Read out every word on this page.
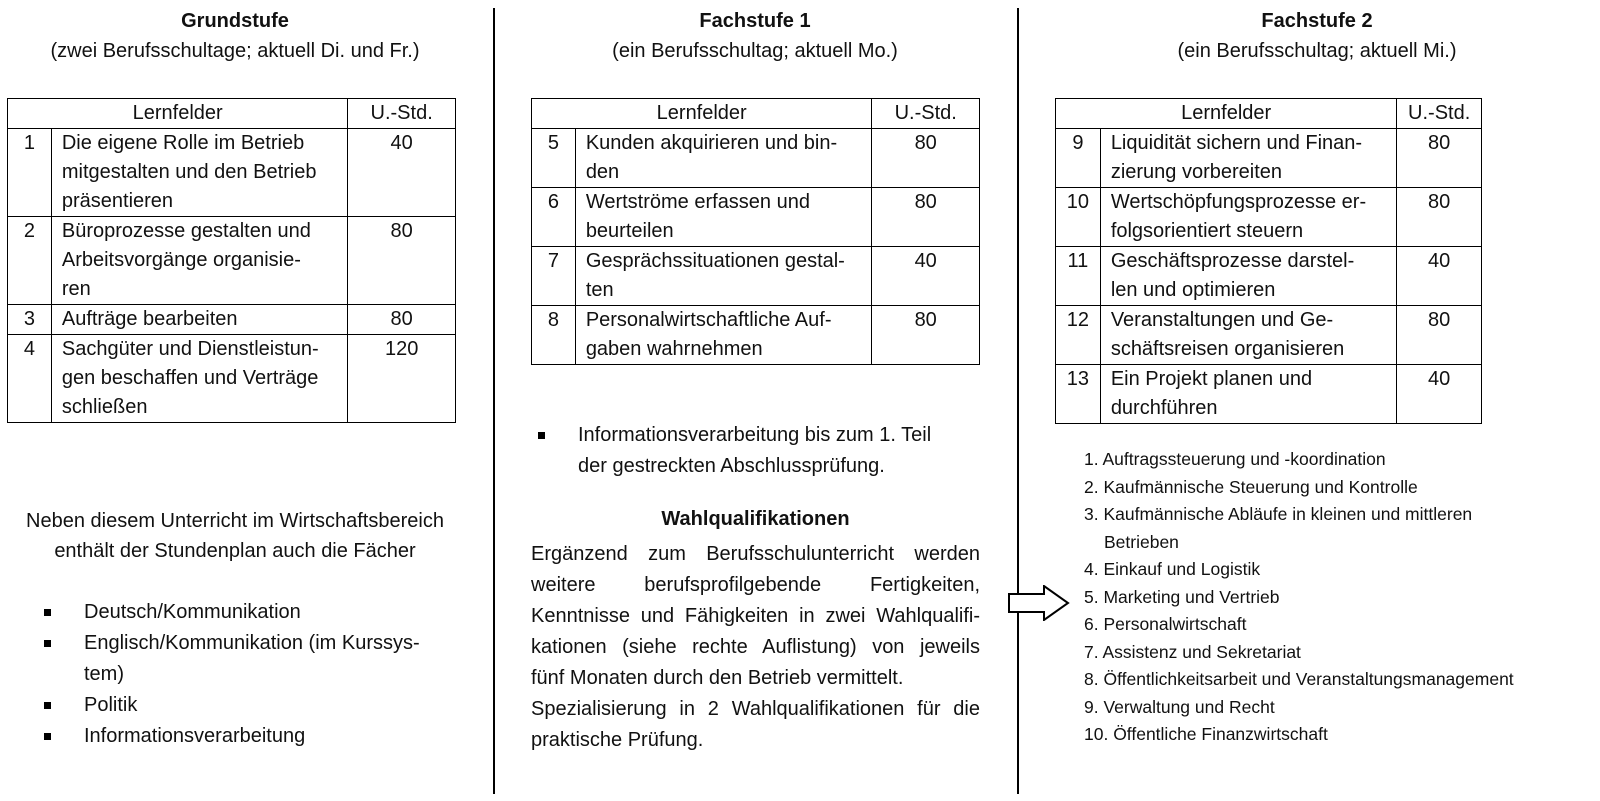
Grundstufe
(zwei Berufsschultage; aktuell Di. und Fr.)
Lernfelder		U.-Std.
1	Die eigene Rolle im Betrieb
mitgestalten und den Betrieb
präsentieren	40
2	Büroprozesse gestalten und
Arbeitsvorgänge organisie-
ren	80
3	Aufträge bearbeiten	80
4	Sachgüter und Dienstleistun-
gen beschaffen und Verträge
schließen	120
Neben diesem Unterricht im Wirtschaftsbereich
enthält der Stundenplan auch die Fächer
Deutsch/Kommunikation
Englisch/Kommunikation (im Kurssys-
tem)
Politik
Informationsverarbeitung
Fachstufe 1
(ein Berufsschultag; aktuell Mo.)
Lernfelder		U.-Std.
5	Kunden akquirieren und bin-
den	80
6	Wertströme erfassen und
beurteilen	80
7	Gesprächssituationen gestal-
ten	40
8	Personalwirtschaftliche Auf-
gaben wahrnehmen	80
Informationsverarbeitung bis zum 1. Teil
der gestreckten Abschlussprüfung.
Wahlqualifikationen
Ergänzend zum Berufsschulunterricht werden
weitere berufsprofilgebende Fertigkeiten,
Kenntnisse und Fähigkeiten in zwei Wahlqualifi-
kationen (siehe rechte Auflistung) von jeweils
fünf Monaten durch den Betrieb vermittelt.
Spezialisierung in 2 Wahlqualifikationen für die
praktische Prüfung.
Fachstufe 2
(ein Berufsschultag; aktuell Mi.)
Lernfelder		U.-Std.
9	Liquidität sichern und Finan-
zierung vorbereiten	80
10	Wertschöpfungsprozesse er-
folgsorientiert steuern	80
11	Geschäftsprozesse darstel-
len und optimieren	40
12	Veranstaltungen und Ge-
schäftsreisen organisieren	80
13	Ein Projekt planen und
durchführen	40
1. Auftragssteuerung und -koordination
2. Kaufmännische Steuerung und Kontrolle
3. Kaufmännische Abläufe in kleinen und mittleren
Betrieben
4. Einkauf und Logistik
5. Marketing und Vertrieb
6. Personalwirtschaft
7. Assistenz und Sekretariat
8. Öffentlichkeitsarbeit und Veranstaltungsmanagement
9. Verwaltung und Recht
10. Öffentliche Finanzwirtschaft
